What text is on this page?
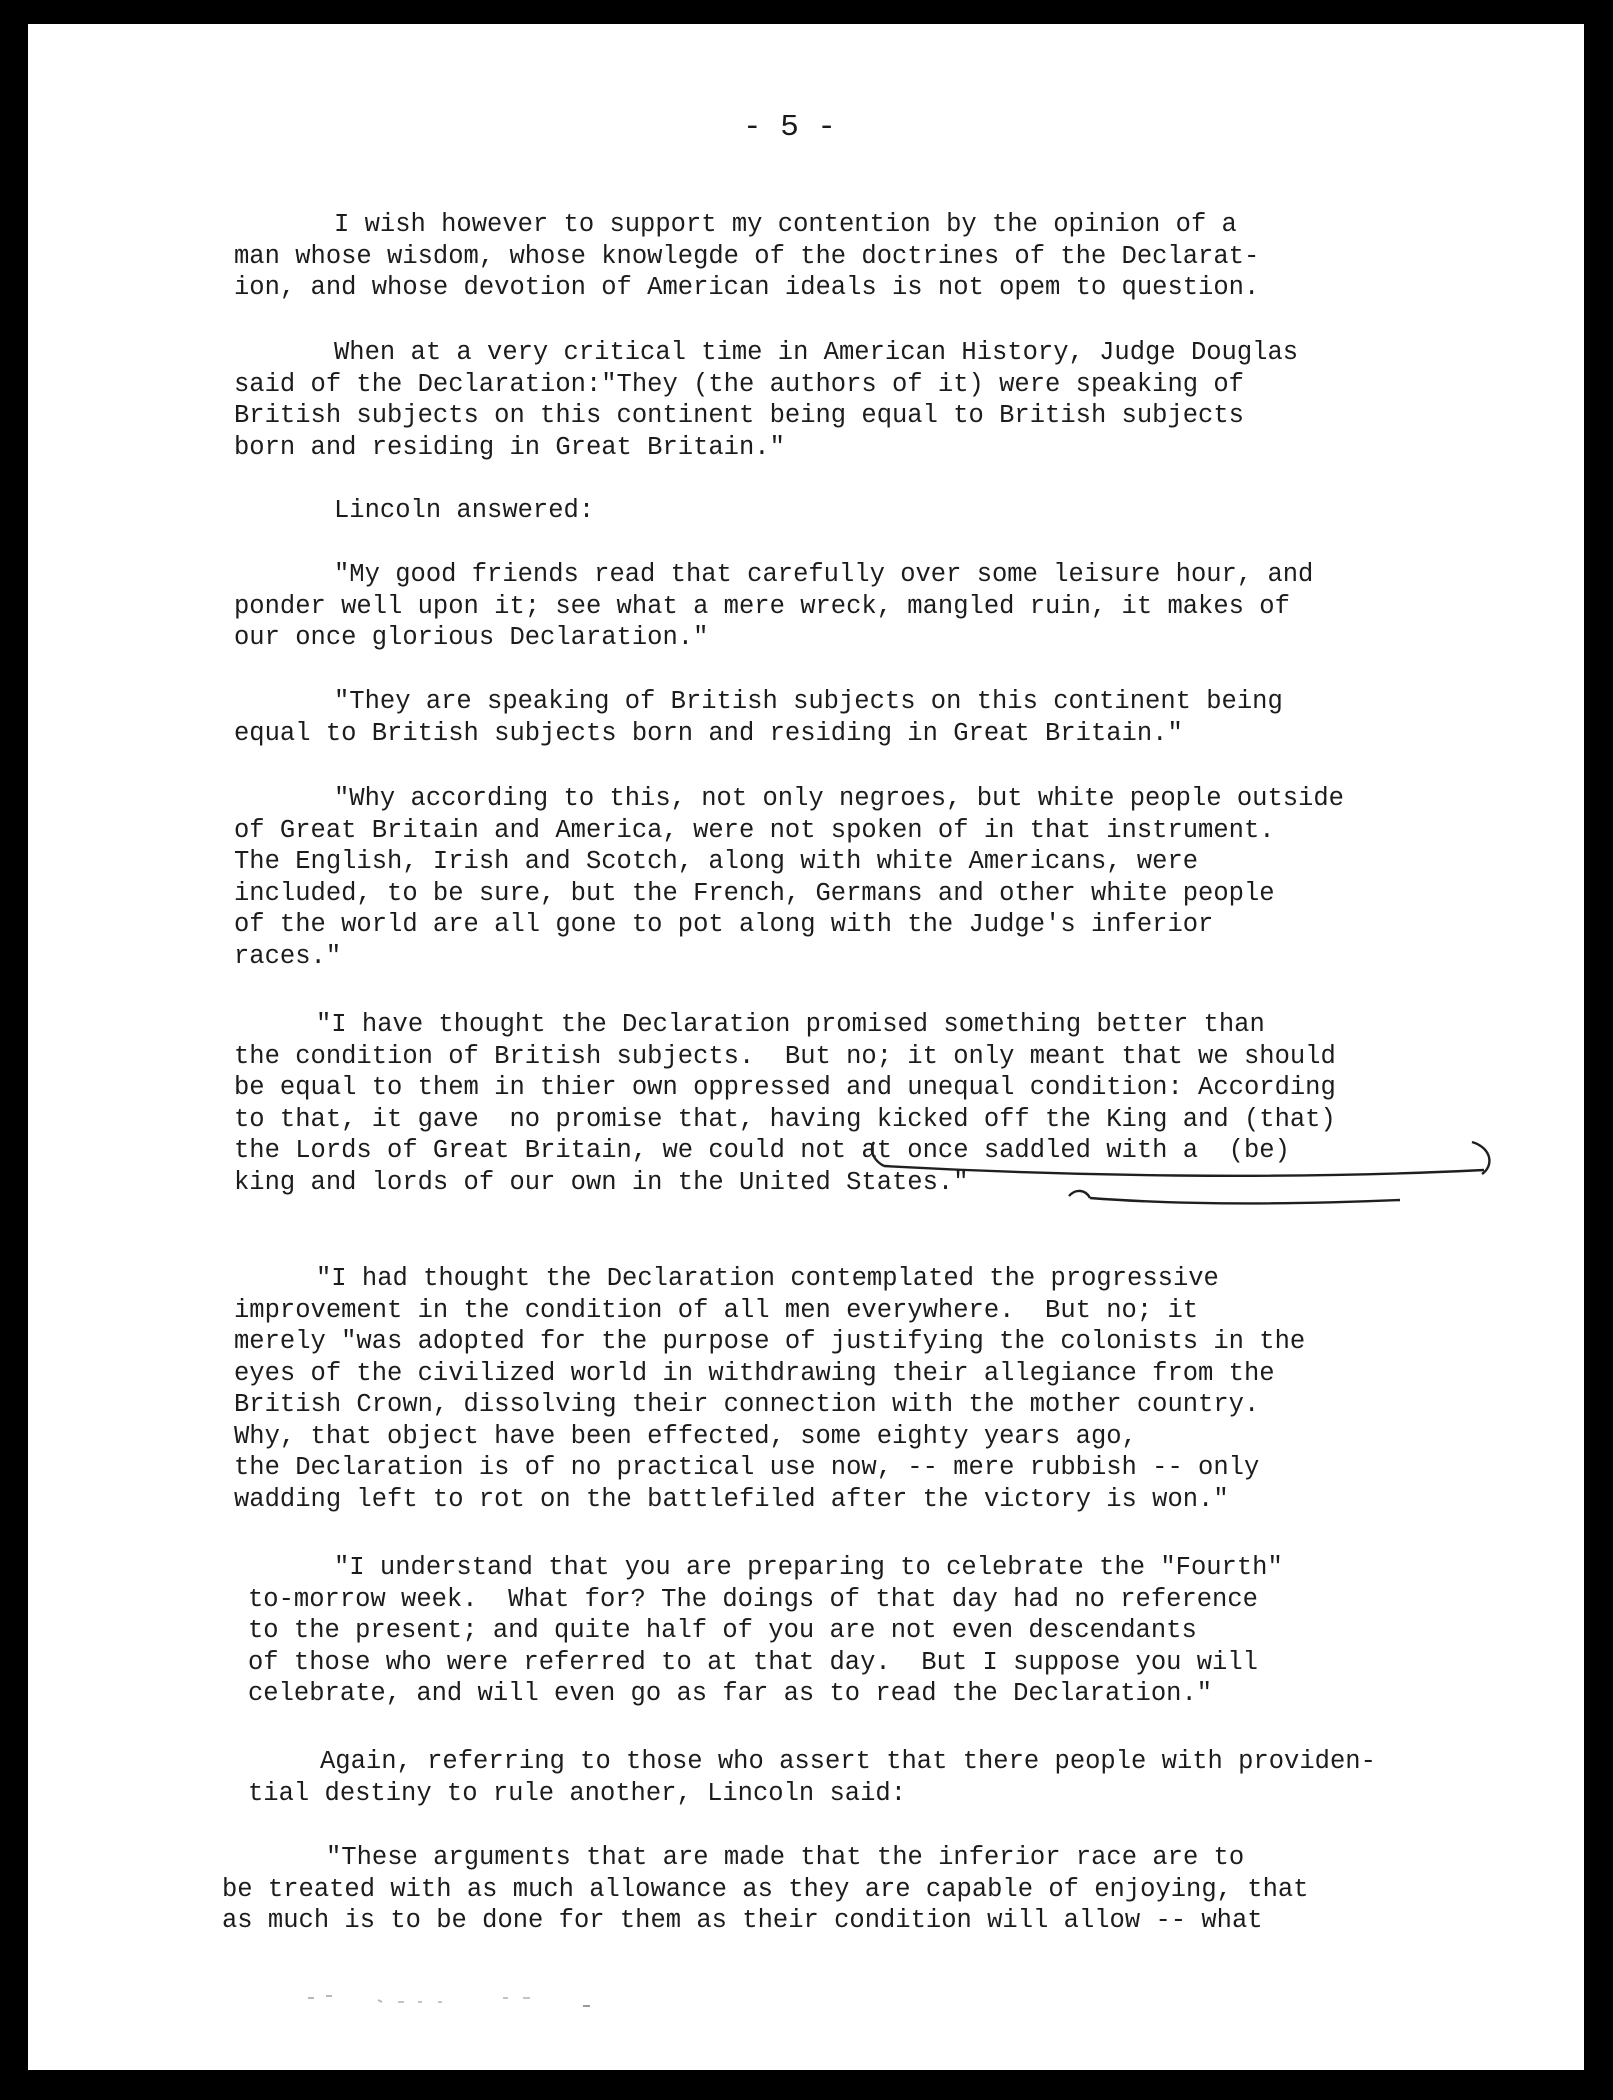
- 5 -
I wish however to support my contention by the opinion of a
man whose wisdom, whose knowlegde of the doctrines of the Declarat-
ion, and whose devotion of American ideals is not opem to question.
When at a very critical time in American History, Judge Douglas
said of the Declaration:"They (the authors of it) were speaking of
British subjects on this continent being equal to British subjects
born and residing in Great Britain."
Lincoln answered:
"My good friends read that carefully over some leisure hour, and
ponder well upon it; see what a mere wreck, mangled ruin, it makes of
our once glorious Declaration."
"They are speaking of British subjects on this continent being
equal to British subjects born and residing in Great Britain."
"Why according to this, not only negroes, but white people outside
of Great Britain and America, were not spoken of in that instrument.
The English, Irish and Scotch, along with white Americans, were
included, to be sure, but the French, Germans and other white people
of the world are all gone to pot along with the Judge's inferior
races."
"I have thought the Declaration promised something better than
the condition of British subjects.  But no; it only meant that we should
be equal to them in thier own oppressed and unequal condition: According
to that, it gave  no promise that, having kicked off the King and (that)
the Lords of Great Britain, we could not at once saddled with a  (be)
king and lords of our own in the United States."
"I had thought the Declaration contemplated the progressive
improvement in the condition of all men everywhere.  But no; it
merely "was adopted for the purpose of justifying the colonists in the
eyes of the civilized world in withdrawing their allegiance from the
British Crown, dissolving their connection with the mother country.
Why, that object have been effected, some eighty years ago,
the Declaration is of no practical use now, -- mere rubbish -- only
wadding left to rot on the battlefiled after the victory is won."
"I understand that you are preparing to celebrate the "Fourth"
to-morrow week.  What for? The doings of that day had no reference
to the present; and quite half of you are not even descendants
of those who were referred to at that day.  But I suppose you will
celebrate, and will even go as far as to read the Declaration."
Again, referring to those who assert that there people with providen-
tial destiny to rule another, Lincoln said:
"These arguments that are made that the inferior race are to
be treated with as much allowance as they are capable of enjoying, that
as much is to be done for them as their condition will allow -- what
